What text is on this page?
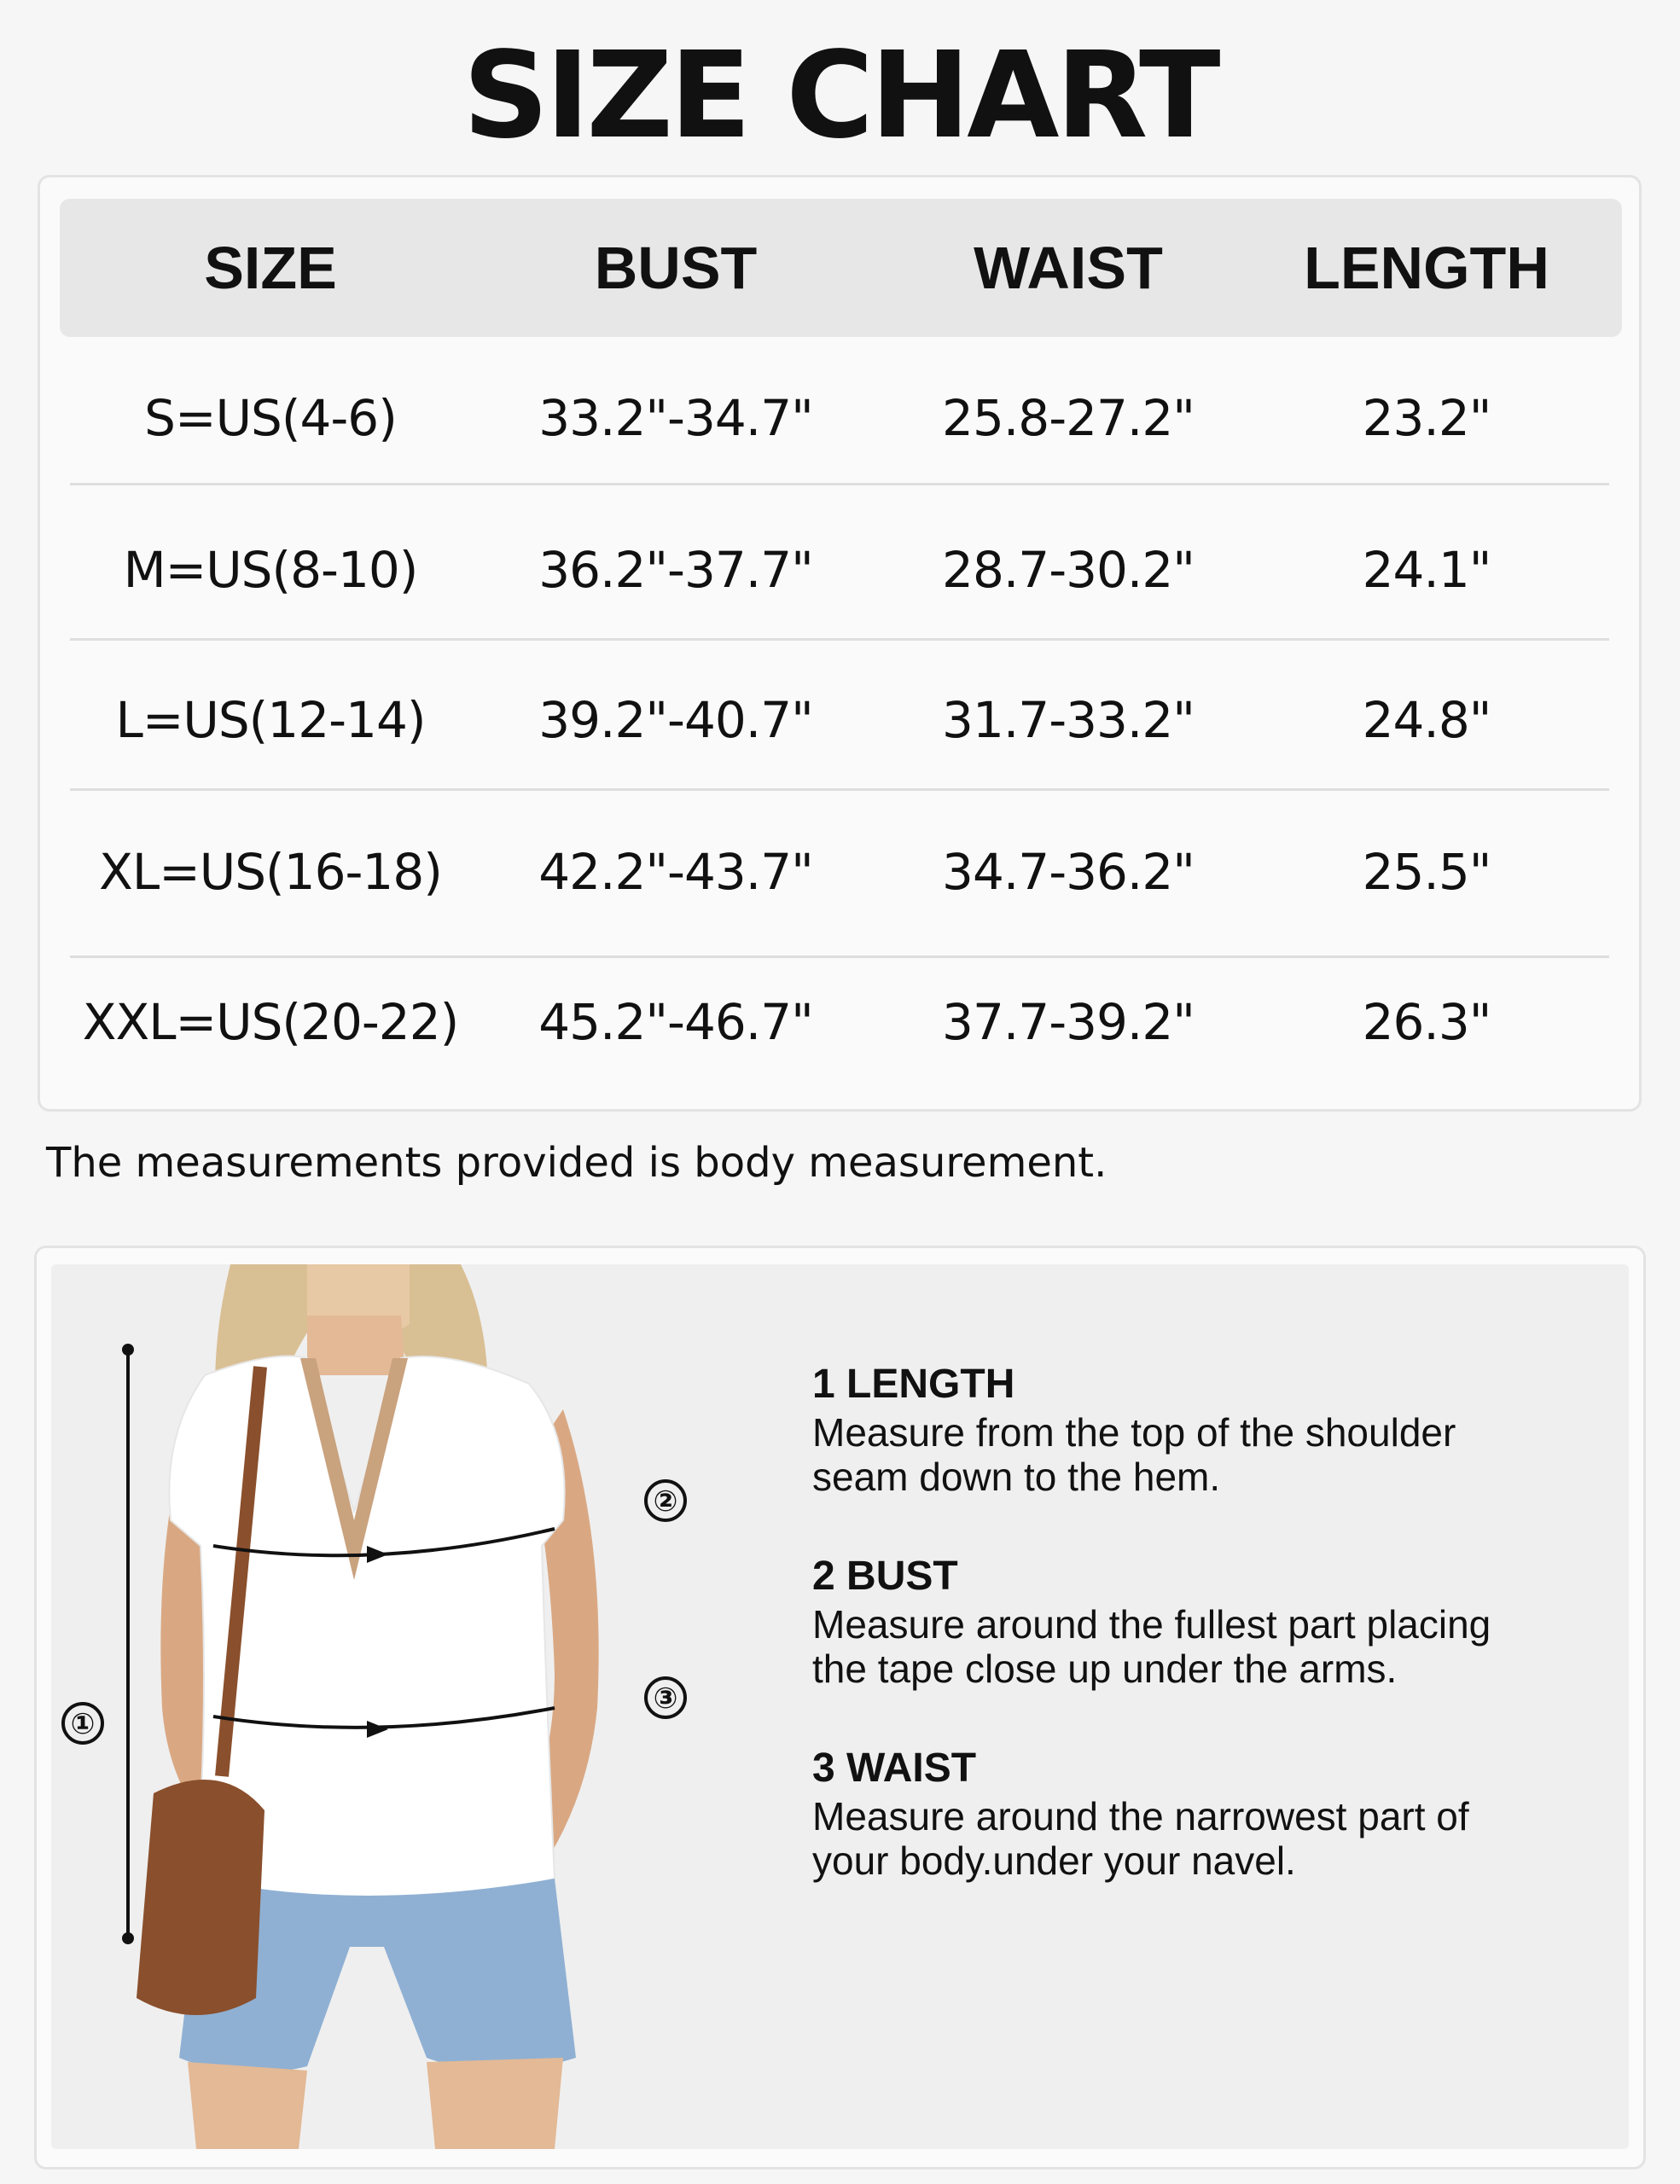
SIZE CHART
SIZE	BUST	WAIST	LENGTH
S=US(4-6)	33.2"-34.7"	25.8-27.2"	23.2"
M=US(8-10)	36.2"-37.7"	28.7-30.2"	24.1"
L=US(12-14)	39.2"-40.7"	31.7-33.2"	24.8"
XL=US(16-18)	42.2"-43.7"	34.7-36.2"	25.5"
XXL=US(20-22)	45.2"-46.7"	37.7-39.2"	26.3"
The measurements provided is body measurement.
①
②
③
1 LENGTH
Measure from the top of the shoulder seam down to the hem.
2 BUST
Measure around the fullest part placing the tape close up under the arms.
3 WAIST
Measure around the narrowest part of your body.under your navel.
